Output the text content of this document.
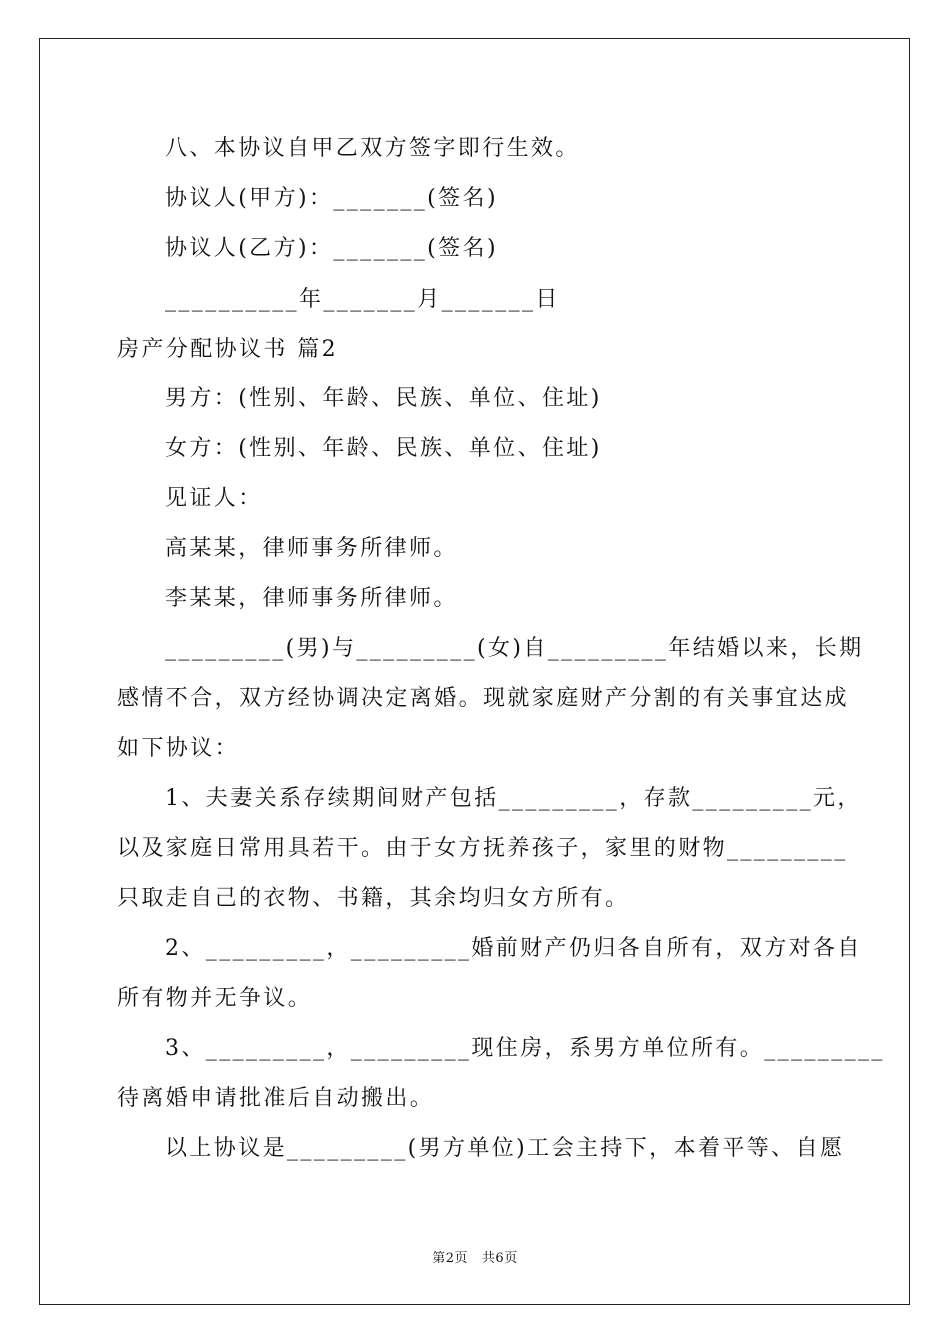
八、本协议自甲乙双方签字即行生效。
协议人(甲方)：_______(签名)
协议人(乙方)：_______(签名)
__________年_______月_______日
房产分配协议书 篇2
男方：(性别、年龄、民族、单位、住址)
女方：(性别、年龄、民族、单位、住址)
见证人：
高某某，律师事务所律师。
李某某，律师事务所律师。
_________(男)与_________(女)自_________年结婚以来，长期
感情不合，双方经协调决定离婚。现就家庭财产分割的有关事宜达成
如下协议：
1、夫妻关系存续期间财产包括_________，存款_________元，
以及家庭日常用具若干。由于女方抚养孩子，家里的财物_________
只取走自己的衣物、书籍，其余均归女方所有。
2、_________，_________婚前财产仍归各自所有，双方对各自
所有物并无争议。
3、_________，_________现住房，系男方单位所有。_________
待离婚申请批准后自动搬出。
以上协议是_________(男方单位)工会主持下，本着平等、自愿
第2页   共6页
